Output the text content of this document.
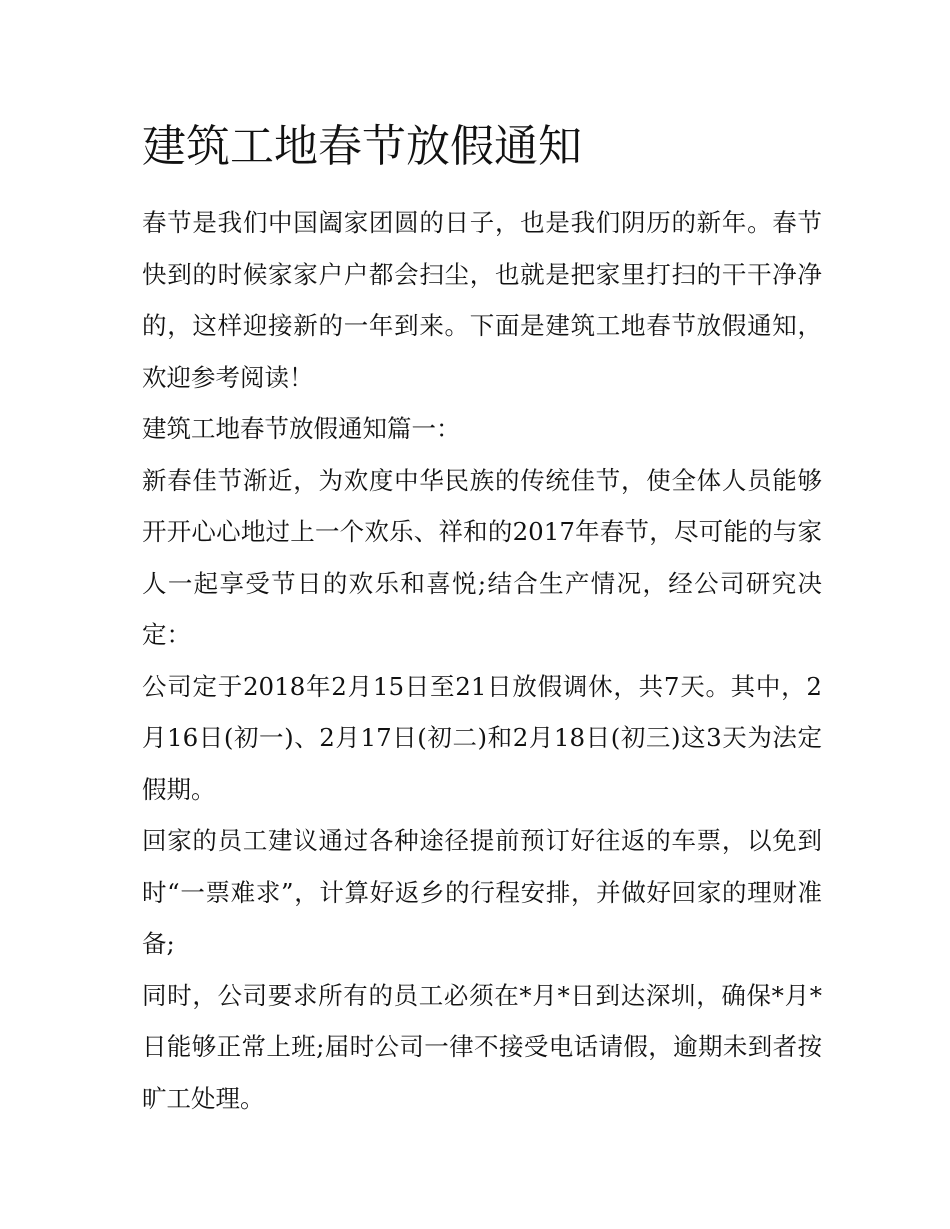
建筑工地春节放假通知

春节是我们中国阖家团圆的日子，也是我们阴历的新年。春节快到的时候家家户户都会扫尘，也就是把家里打扫的干干净净的，这样迎接新的一年到来。下面是建筑工地春节放假通知，欢迎参考阅读！

建筑工地春节放假通知篇一：

新春佳节渐近，为欢度中华民族的传统佳节，使全体人员能够开开心心地过上一个欢乐、祥和的2017年春节，尽可能的与家人一起享受节日的欢乐和喜悦;结合生产情况，经公司研究决定：

公司定于2018年2月15日至21日放假调休，共7天。其中，2月16日(初一)、2月17日(初二)和2月18日(初三)这3天为法定假期。

回家的员工建议通过各种途径提前预订好往返的车票，以免到时“一票难求”，计算好返乡的行程安排，并做好回家的理财准备;

同时，公司要求所有的员工必须在*月*日到达深圳，确保*月*日能够正常上班;届时公司一律不接受电话请假，逾期未到者按旷工处理。
